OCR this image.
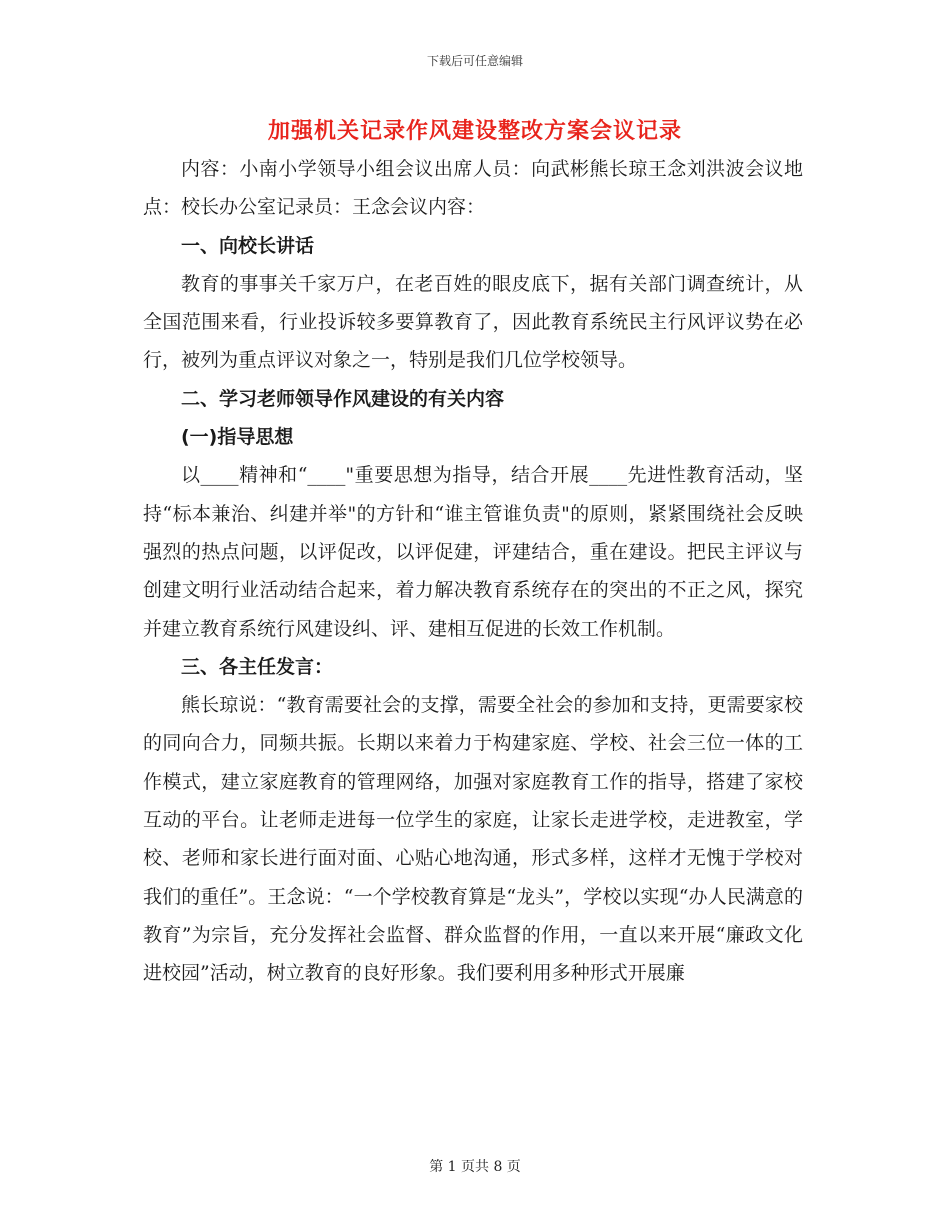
下载后可任意编辑
加强机关记录作风建设整改方案会议记录

内容：小南小学领导小组会议出席人员：向武彬熊长琼王念刘洪波会议地点：校长办公室记录员：王念会议内容：

一、向校长讲话

教育的事事关千家万户，在老百姓的眼皮底下，据有关部门调查统计，从全国范围来看，行业投诉较多要算教育了，因此教育系统民主行风评议势在必行，被列为重点评议对象之一，特别是我们几位学校领导。

二、学习老师领导作风建设的有关内容

(一)指导思想

以____精神和“____"重要思想为指导，结合开展____先进性教育活动，坚持“标本兼治、纠建并举"的方针和“谁主管谁负责"的原则，紧紧围绕社会反映强烈的热点问题，以评促改，以评促建，评建结合，重在建设。把民主评议与创建文明行业活动结合起来，着力解决教育系统存在的突出的不正之风，探究并建立教育系统行风建设纠、评、建相互促进的长效工作机制。

三、各主任发言：

熊长琼说：“教育需要社会的支撑，需要全社会的参加和支持，更需要家校的同向合力，同频共振。长期以来着力于构建家庭、学校、社会三位一体的工作模式，建立家庭教育的管理网络，加强对家庭教育工作的指导，搭建了家校互动的平台。让老师走进每一位学生的家庭，让家长走进学校，走进教室，学校、老师和家长进行面对面、心贴心地沟通，形式多样，这样才无愧于学校对我们的重任”。王念说：“一个学校教育算是“龙头”，学校以实现“办人民满意的教育”为宗旨，充分发挥社会监督、群众监督的作用，一直以来开展“廉政文化进校园”活动，树立教育的良好形象。我们要利用多种形式开展廉

第 1 页共 8 页
